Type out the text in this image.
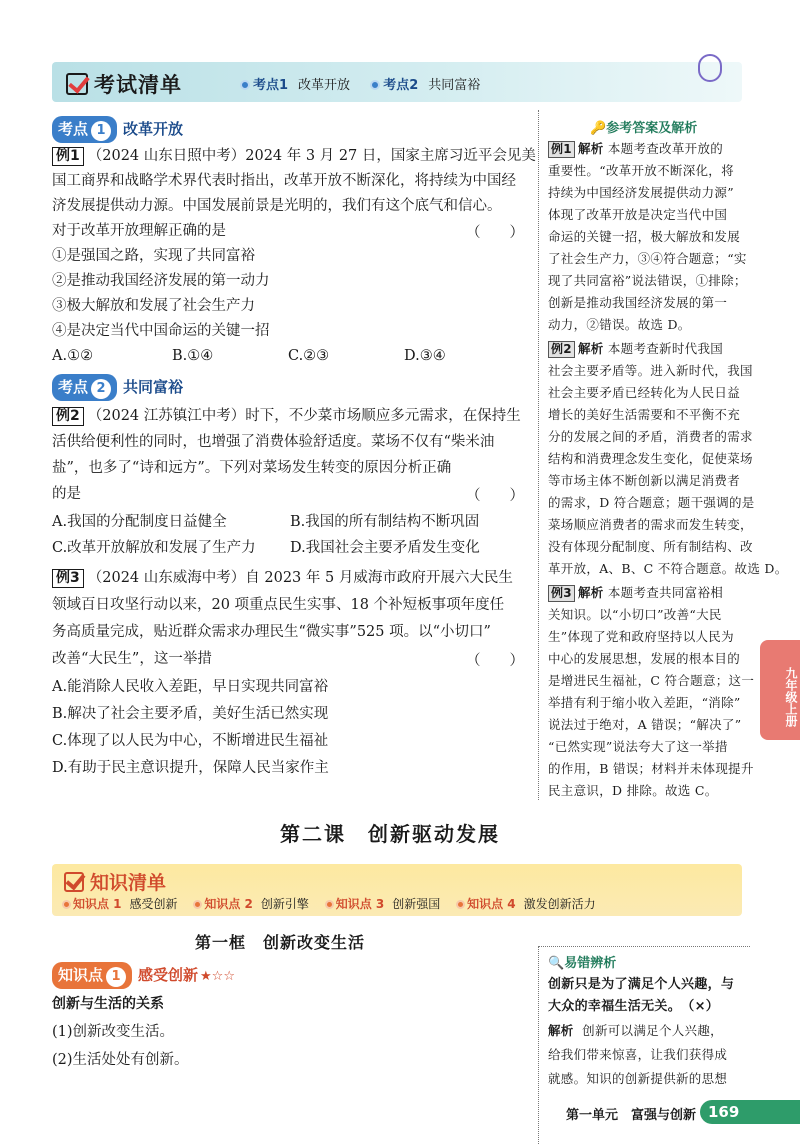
考试清单	考点1 改革开放	考点2 共同富裕
考点 1 改革开放
例1 （2024 山东日照中考）2024 年 3 月 27 日，国家主席习近平会见美
国工商界和战略学术界代表时指出，改革开放不断深化，将持续为中国经
济发展提供动力源。中国发展前景是光明的，我们有这个底气和信心。
对于改革开放理解正确的是	（　　）
①是强国之路，实现了共同富裕
②是推动我国经济发展的第一动力
③极大解放和发展了社会生产力
④是决定当代中国命运的关键一招
A.①②	B.①④	C.②③	D.③④
考点 2 共同富裕
例2 （2024 江苏镇江中考）时下，不少菜市场顺应多元需求，在保持生
活供给便利性的同时，也增强了消费体验舒适度。菜场不仅有“柴米油
盐”，也多了“诗和远方”。下列对菜场发生转变的原因分析正确
的是	（　　）
A.我国的分配制度日益健全	B.我国的所有制结构不断巩固
C.改革开放解放和发展了生产力 D.我国社会主要矛盾发生变化
例3 （2024 山东威海中考）自 2023 年 5 月威海市政府开展六大民生
领域百日攻坚行动以来，20 项重点民生实事、18 个补短板事项年度任
务高质量完成，贴近群众需求办理民生“微实事”525 项。以“小切口”
改善“大民生”，这一举措	（　　）
A.能消除人民收入差距，早日实现共同富裕
B.解决了社会主要矛盾，美好生活已然实现
C.体现了以人民为中心，不断增进民生福祉
D.有助于民主意识提升，保障人民当家作主
🔑参考答案及解析
例1 解析 本题考查改革开放的
重要性。“改革开放不断深化，将
持续为中国经济发展提供动力源”
体现了改革开放是决定当代中国
命运的关键一招，极大解放和发展
了社会生产力，③④符合题意；“实
现了共同富裕”说法错误，①排除；
创新是推动我国经济发展的第一
动力，②错误。故选 D。
例2 解析 本题考查新时代我国
社会主要矛盾等。进入新时代，我国
社会主要矛盾已经转化为人民日益
增长的美好生活需要和不平衡不充
分的发展之间的矛盾，消费者的需求
结构和消费理念发生变化，促使菜场
等市场主体不断创新以满足消费者
的需求，D 符合题意；题干强调的是
菜场顺应消费者的需求而发生转变，
没有体现分配制度、所有制结构、改
革开放，A、B、C 不符合题意。故选 D。
例3 解析 本题考查共同富裕相
关知识。以“小切口”改善“大民
生”体现了党和政府坚持以人民为
中心的发展思想，发展的根本目的
是增进民生福祉，C 符合题意；这一
举措有利于缩小收入差距，“消除”
说法过于绝对，A 错误；“解决了”
“已然实现”说法夸大了这一举措
的作用，B 错误；材料并未体现提升
民主意识，D 排除。故选 C。
九年级上册
第二课　创新驱动发展
知识清单
知识点 1 感受创新 知识点 2 创新引擎 知识点 3 创新强国 知识点 4 激发创新活力
第一框　创新改变生活
知识点 1 感受创新 ★☆☆
创新与生活的关系
(1)创新改变生活。
(2)生活处处有创新。
🔍易错辨析
创新只是为了满足个人兴趣，与
大众的幸福生活无关。　（×）
解析 创新可以满足个人兴趣，
给我们带来惊喜，让我们获得成
就感。知识的创新提供新的思想
第一单元　富强与创新 169
